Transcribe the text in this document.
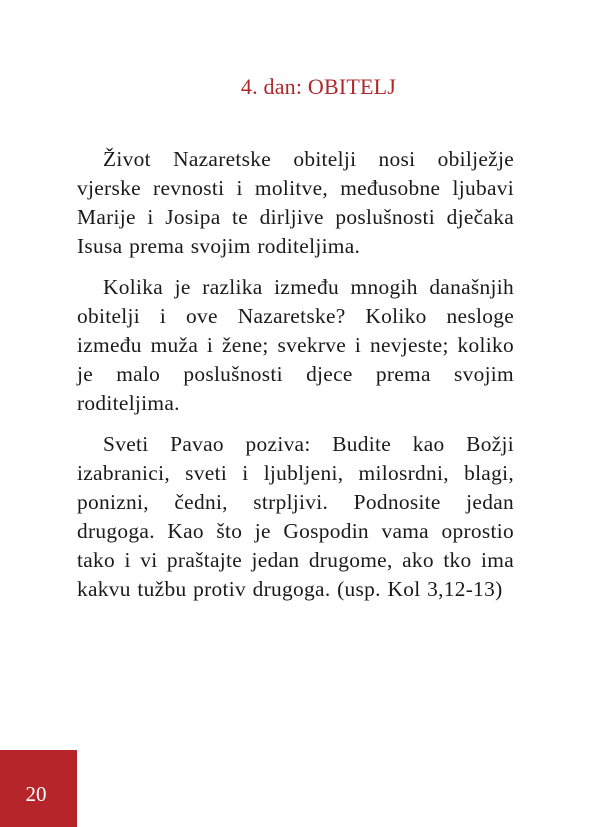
4. dan: OBITELJ

Život Nazaretske obitelji nosi obilježje vjerske revnosti i molitve, međusobne ljubavi Marije i Josipa te dirljive poslušnosti dječaka Isusa prema svojim roditeljima.

Kolika je razlika između mnogih današnjih obitelji i ove Nazaretske? Koliko nesloge između muža i žene; svekrve i nevjeste; koliko je malo poslušnosti djece prema svojim roditeljima.

Sveti Pavao poziva: Budite kao Božji izabranici, sveti i ljubljeni, milosrdni, blagi, ponizni, čedni, strpljivi. Podnosite jedan drugoga. Kao što je Gospodin vama oprostio tako i vi praštajte jedan drugome, ako tko ima kakvu tužbu protiv drugoga. (usp. Kol 3,12-13)

20
